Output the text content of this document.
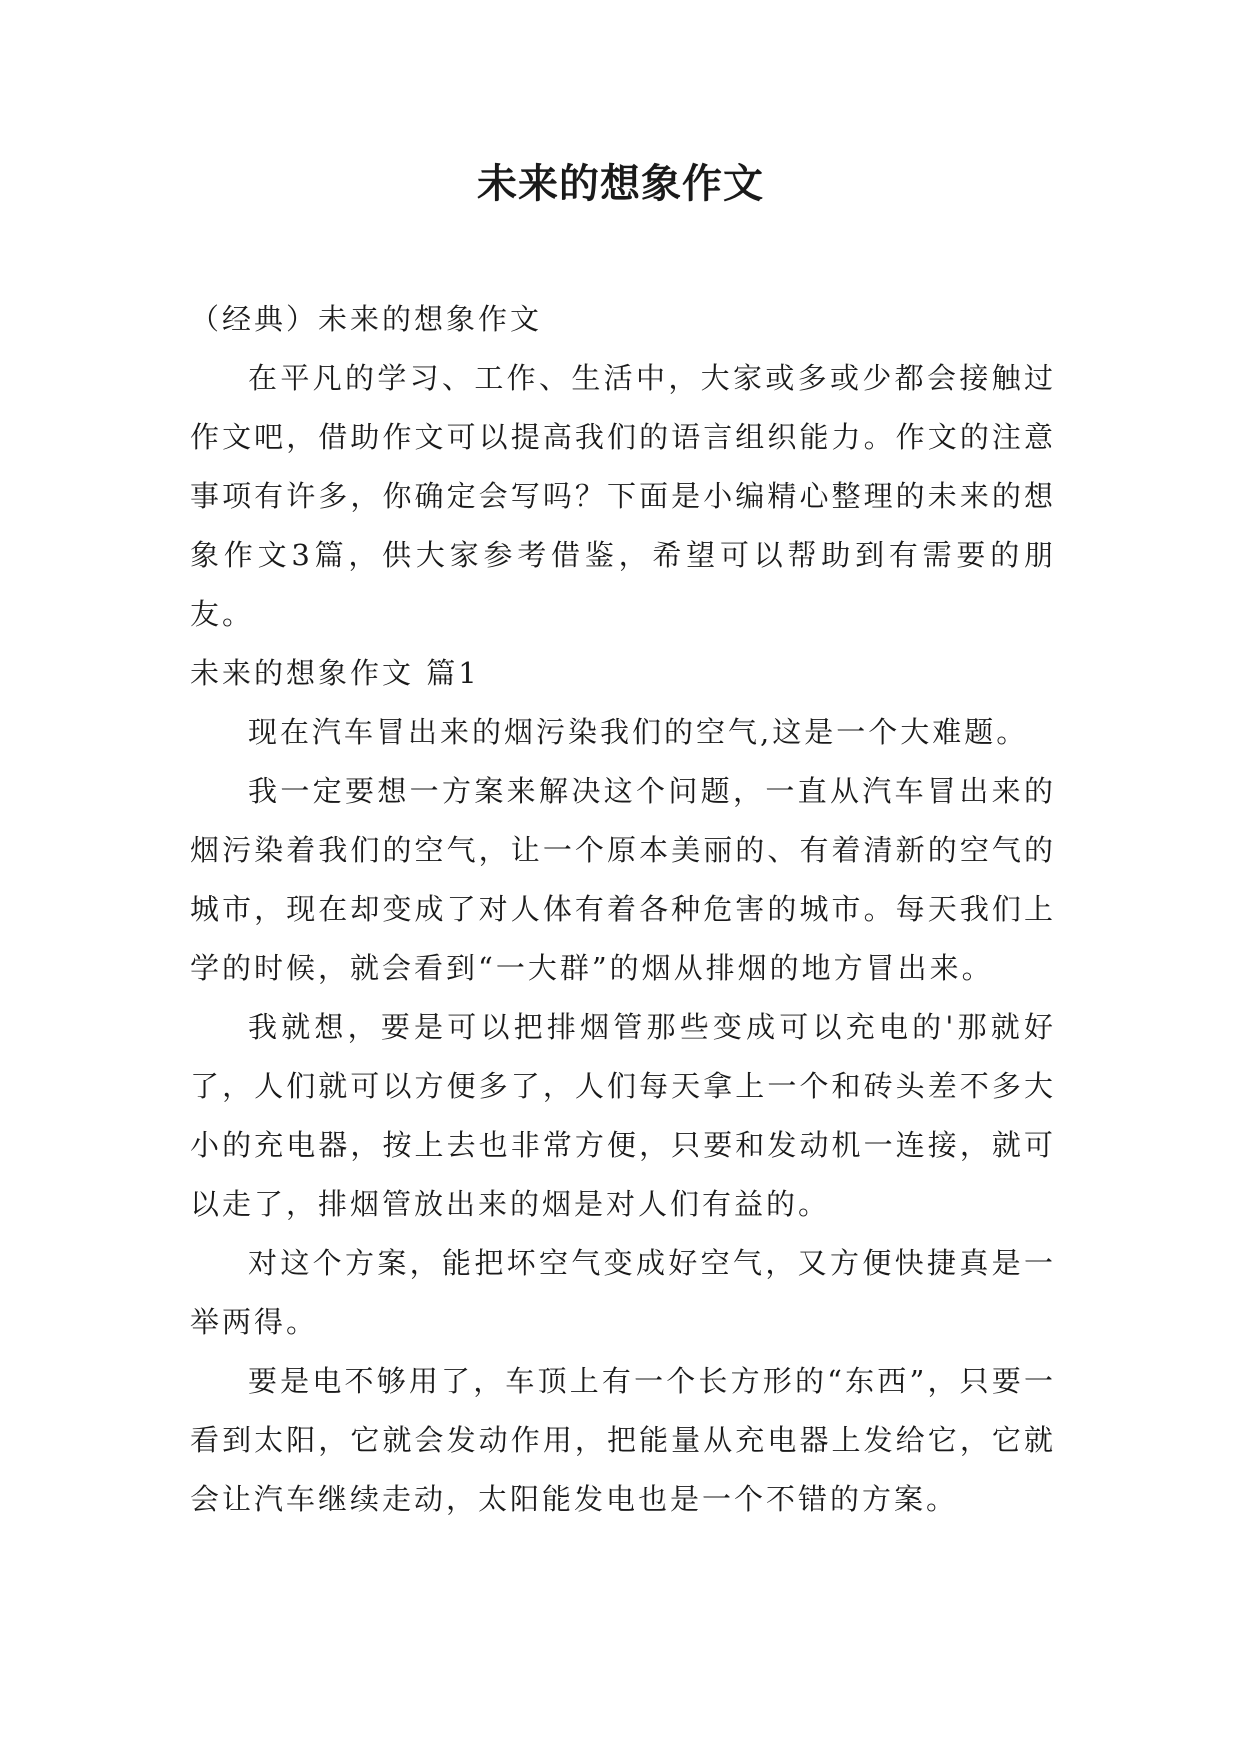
未来的想象作文

（经典）未来的想象作文

在平凡的学习、工作、生活中，大家或多或少都会接触过作文吧，借助作文可以提高我们的语言组织能力。作文的注意事项有许多，你确定会写吗？下面是小编精心整理的未来的想象作文3篇，供大家参考借鉴，希望可以帮助到有需要的朋友。

未来的想象作文 篇1

现在汽车冒出来的烟污染我们的空气,这是一个大难题。

我一定要想一方案来解决这个问题，一直从汽车冒出来的烟污染着我们的空气，让一个原本美丽的、有着清新的空气的城市，现在却变成了对人体有着各种危害的城市。每天我们上学的时候，就会看到“一大群”的烟从排烟的地方冒出来。

我就想，要是可以把排烟管那些变成可以充电的'那就好了，人们就可以方便多了，人们每天拿上一个和砖头差不多大小的充电器，按上去也非常方便，只要和发动机一连接，就可以走了，排烟管放出来的烟是对人们有益的。

对这个方案，能把坏空气变成好空气，又方便快捷真是一举两得。

要是电不够用了，车顶上有一个长方形的“东西”，只要一看到太阳，它就会发动作用，把能量从充电器上发给它，它就会让汽车继续走动，太阳能发电也是一个不错的方案。
